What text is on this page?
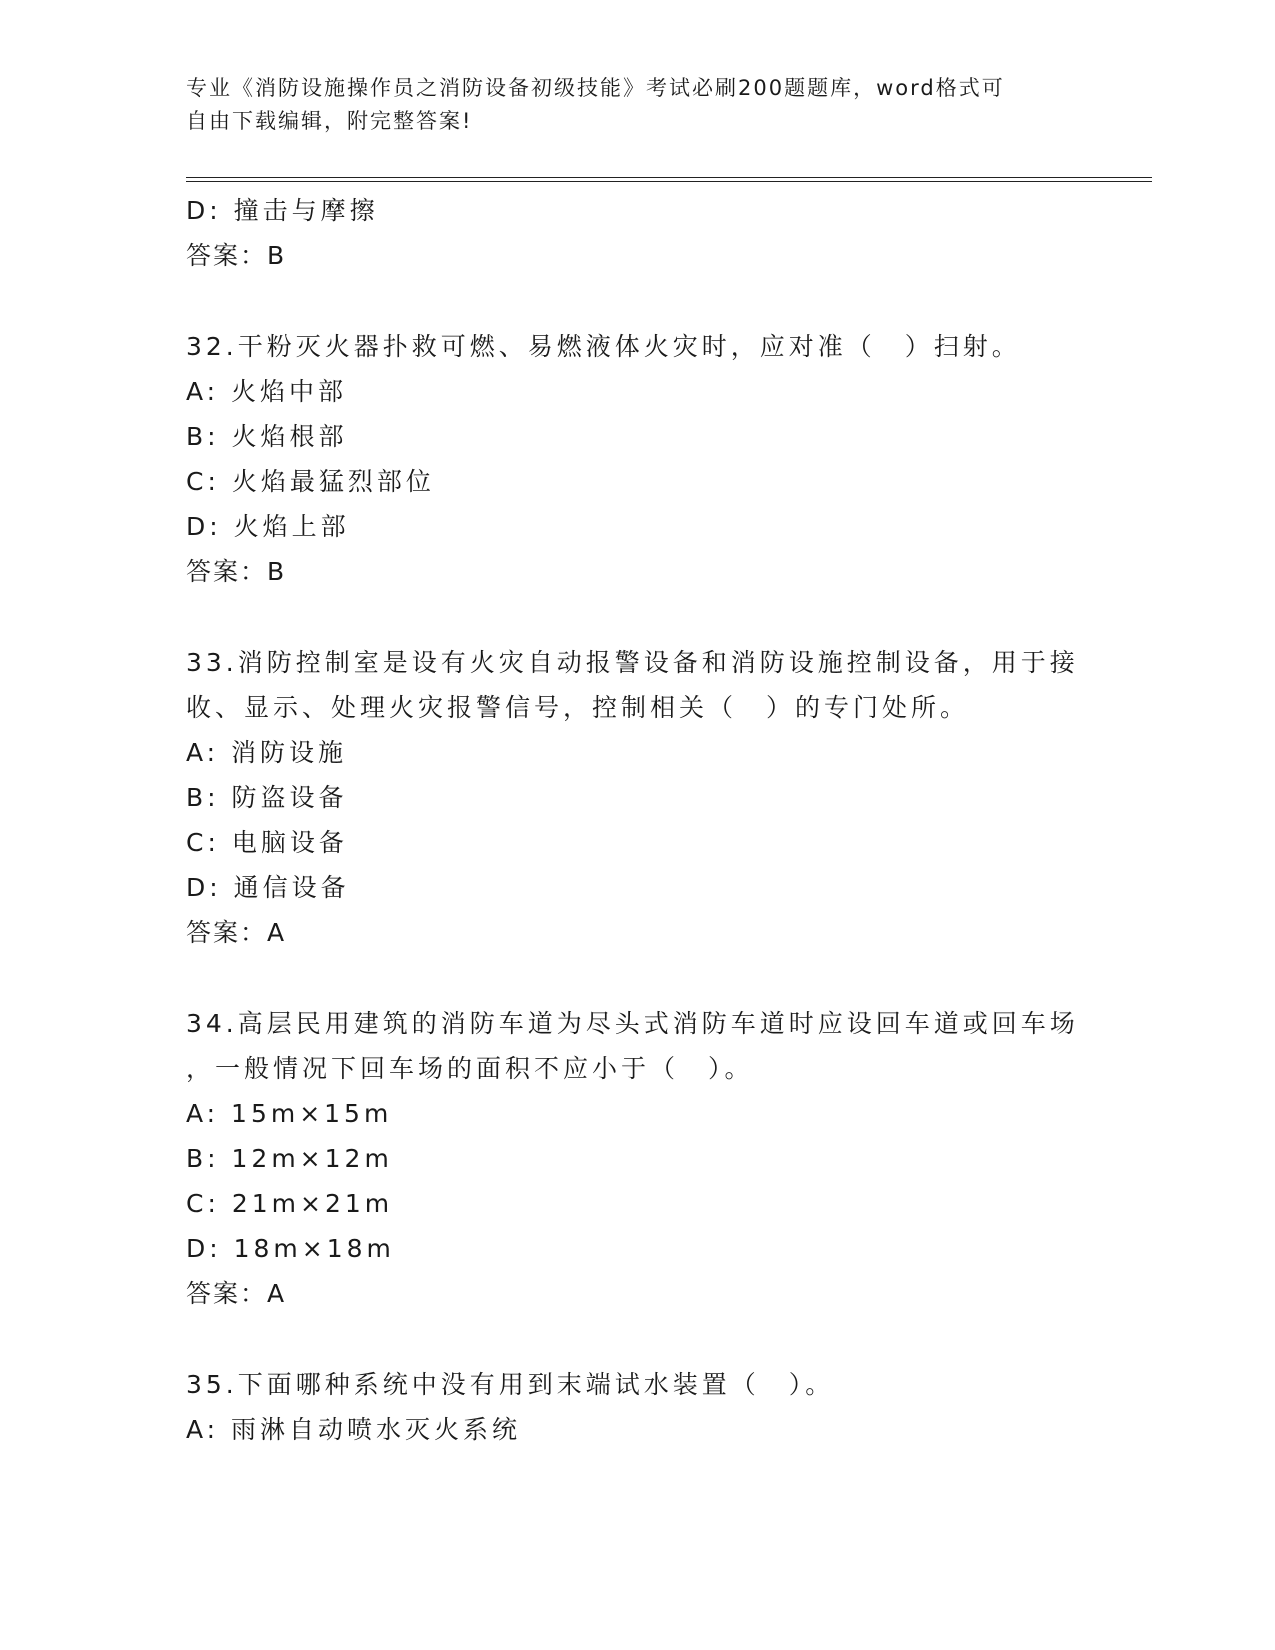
专业《消防设施操作员之消防设备初级技能》考试必刷200题题库，word格式可
自由下载编辑，附完整答案!
D: 撞击与摩擦
答案：B
32.干粉灭火器扑救可燃、易燃液体火灾时，应对准（　）扫射。
A: 火焰中部
B: 火焰根部
C: 火焰最猛烈部位
D: 火焰上部
答案：B
33.消防控制室是设有火灾自动报警设备和消防设施控制设备，用于接
收、显示、处理火灾报警信号，控制相关（　）的专门处所。
A: 消防设施
B: 防盗设备
C: 电脑设备
D: 通信设备
答案：A
34.高层民用建筑的消防车道为尽头式消防车道时应设回车道或回车场
，一般情况下回车场的面积不应小于（　）。
A: 15m×15m
B: 12m×12m
C: 21m×21m
D: 18m×18m
答案：A
35.下面哪种系统中没有用到末端试水装置（　）。
A: 雨淋自动喷水灭火系统
